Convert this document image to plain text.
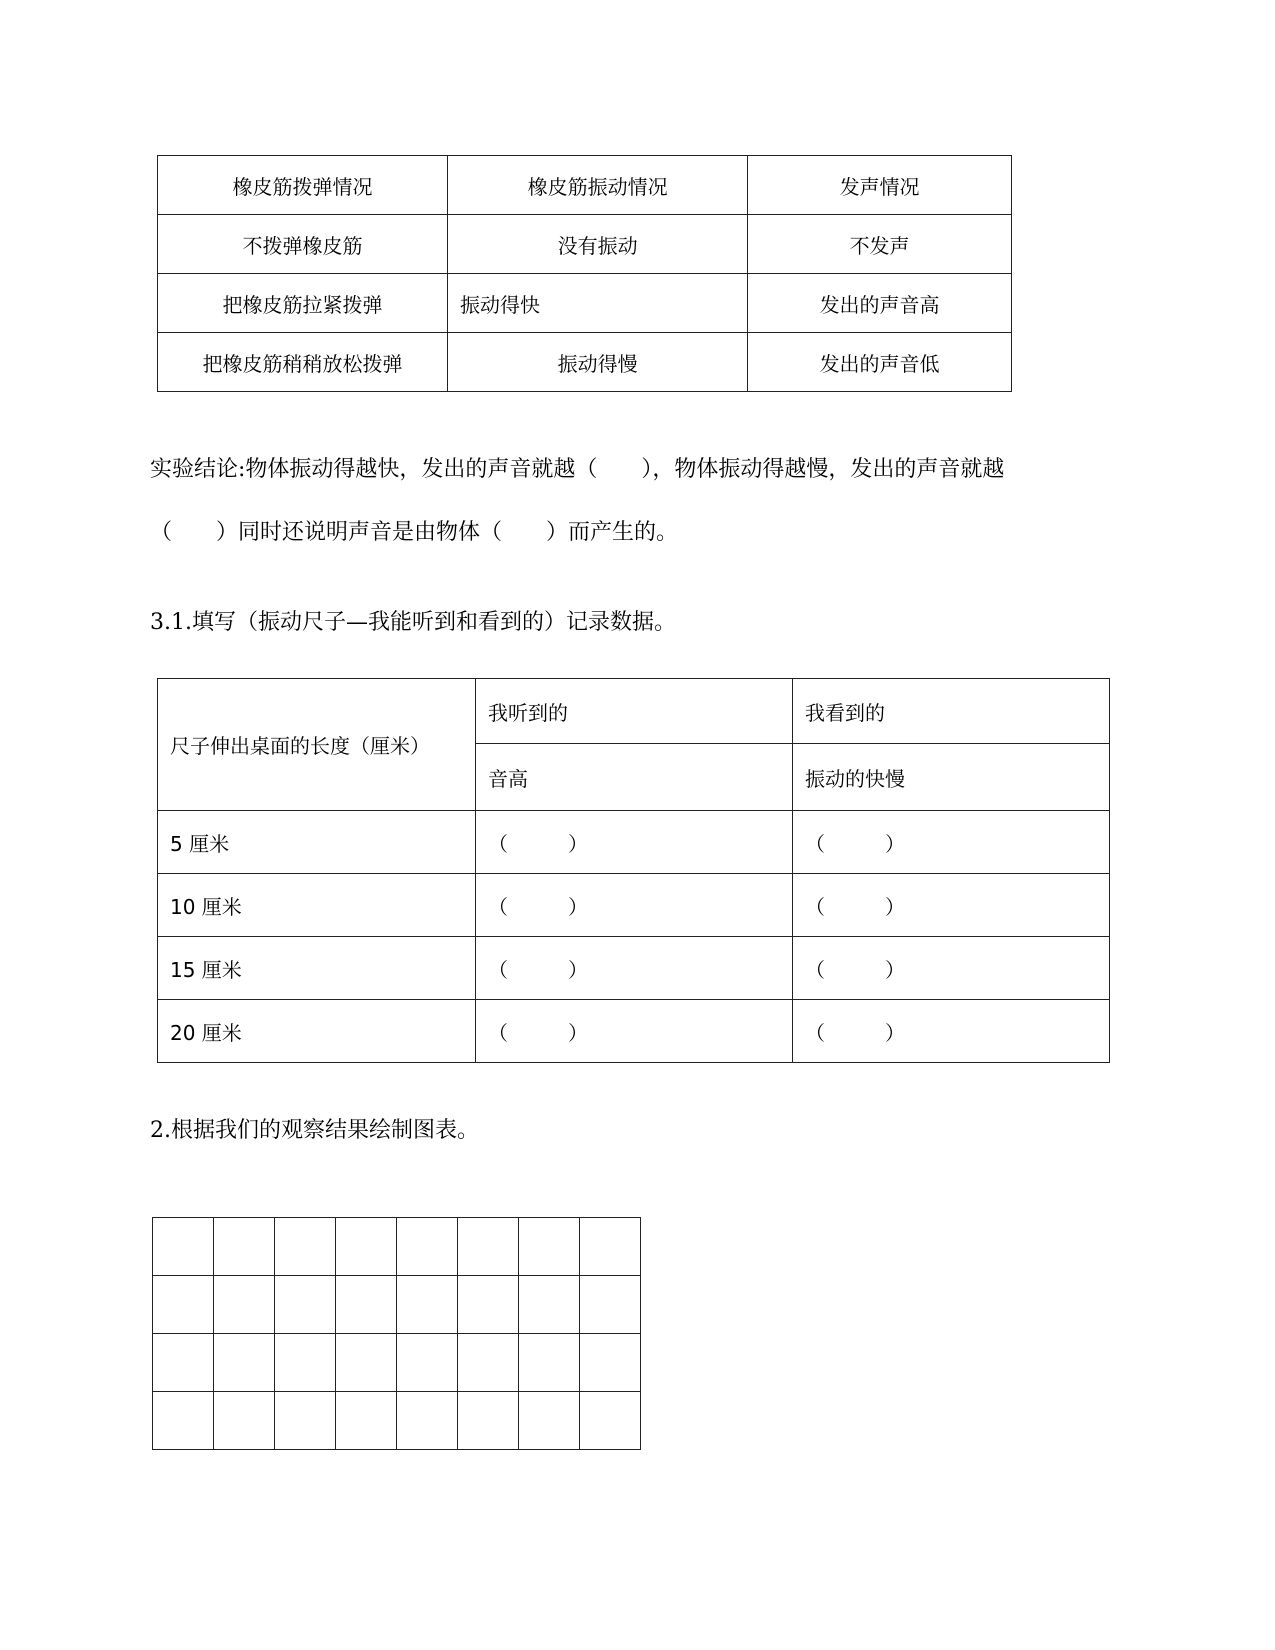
橡皮筋拨弹情况	橡皮筋振动情况	发声情况
不拨弹橡皮筋	没有振动	不发声
把橡皮筋拉紧拨弹	振动得快	发出的声音高
把橡皮筋稍稍放松拨弹	振动得慢	发出的声音低
实验结论:物体振动得越快，发出的声音就越（　　），物体振动得越慢，发出的声音就越
（　　）同时还说明声音是由物体（　　）而产生的。
3.1.填写（振动尺子—我能听到和看到的）记录数据。
尺子伸出桌面的长度（厘米）	我听到的	我看到的
	音高	振动的快慢
5 厘米	（　　　）	（　　　）
10 厘米	（　　　）	（　　　）
15 厘米	（　　　）	（　　　）
20 厘米	（　　　）	（　　　）
2.根据我们的观察结果绘制图表。
